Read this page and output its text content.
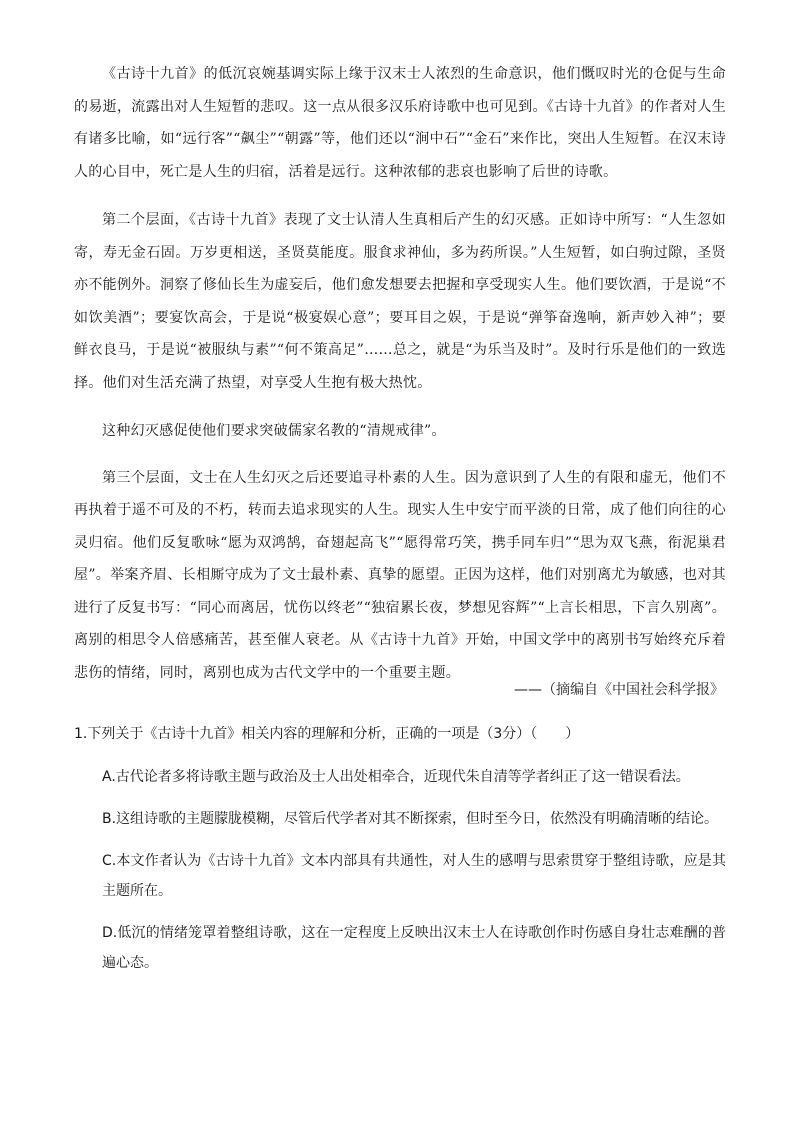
《古诗十九首》的低沉哀婉基调实际上缘于汉末士人浓烈的生命意识，他们慨叹时光的仓促与生命的易逝，流露出对人生短暂的悲叹。这一点从很多汉乐府诗歌中也可见到。《古诗十九首》的作者对人生有诸多比喻，如“远行客”“飙尘”“朝露”等，他们还以“涧中石”“金石”来作比，突出人生短暂。在汉末诗人的心目中，死亡是人生的归宿，活着是远行。这种浓郁的悲哀也影响了后世的诗歌。

第二个层面，《古诗十九首》表现了文士认清人生真相后产生的幻灭感。正如诗中所写：“人生忽如寄，寿无金石固。万岁更相送，圣贤莫能度。服食求神仙，多为药所误。”人生短暂，如白驹过隙，圣贤亦不能例外。洞察了修仙长生为虚妄后，他们愈发想要去把握和享受现实人生。他们要饮酒，于是说“不如饮美酒”；要宴饮高会，于是说“极宴娱心意”；要耳目之娱，于是说“弹筝奋逸响，新声妙入神”；要鲜衣良马，于是说“被服纨与素”“何不策高足”……总之，就是“为乐当及时”。及时行乐是他们的一致选择。他们对生活充满了热望，对享受人生抱有极大热忱。

这种幻灭感促使他们要求突破儒家名教的“清规戒律”。

第三个层面，文士在人生幻灭之后还要追寻朴素的人生。因为意识到了人生的有限和虚无，他们不再执着于遥不可及的不朽，转而去追求现实的人生。现实人生中安宁而平淡的日常，成了他们向往的心灵归宿。他们反复歌咏“愿为双鸿鹄，奋翅起高飞”“愿得常巧笑，携手同车归”“思为双飞燕，衔泥巢君屋”。举案齐眉、长相厮守成为了文士最朴素、真挚的愿望。正因为这样，他们对别离尤为敏感，也对其进行了反复书写：“同心而离居，忧伤以终老”“独宿累长夜，梦想见容辉”“上言长相思，下言久别离”。离别的相思令人倍感痛苦，甚至催人衰老。从《古诗十九首》开始，中国文学中的离别书写始终充斥着悲伤的情绪，同时，离别也成为古代文学中的一个重要主题。

——（摘编自《中国社会科学报》
1.下列关于《古诗十九首》相关内容的理解和分析，正确的一项是（3分）（　　）
A.古代论者多将诗歌主题与政治及士人出处相牵合，近现代朱自清等学者纠正了这一错误看法。
B.这组诗歌的主题朦胧模糊，尽管后代学者对其不断探索，但时至今日，依然没有明确清晰的结论。
C.本文作者认为《古诗十九首》文本内部具有共通性，对人生的感喟与思索贯穿于整组诗歌，应是其主题所在。
D.低沉的情绪笼罩着整组诗歌，这在一定程度上反映出汉末士人在诗歌创作时伤感自身壮志难酬的普遍心态。
